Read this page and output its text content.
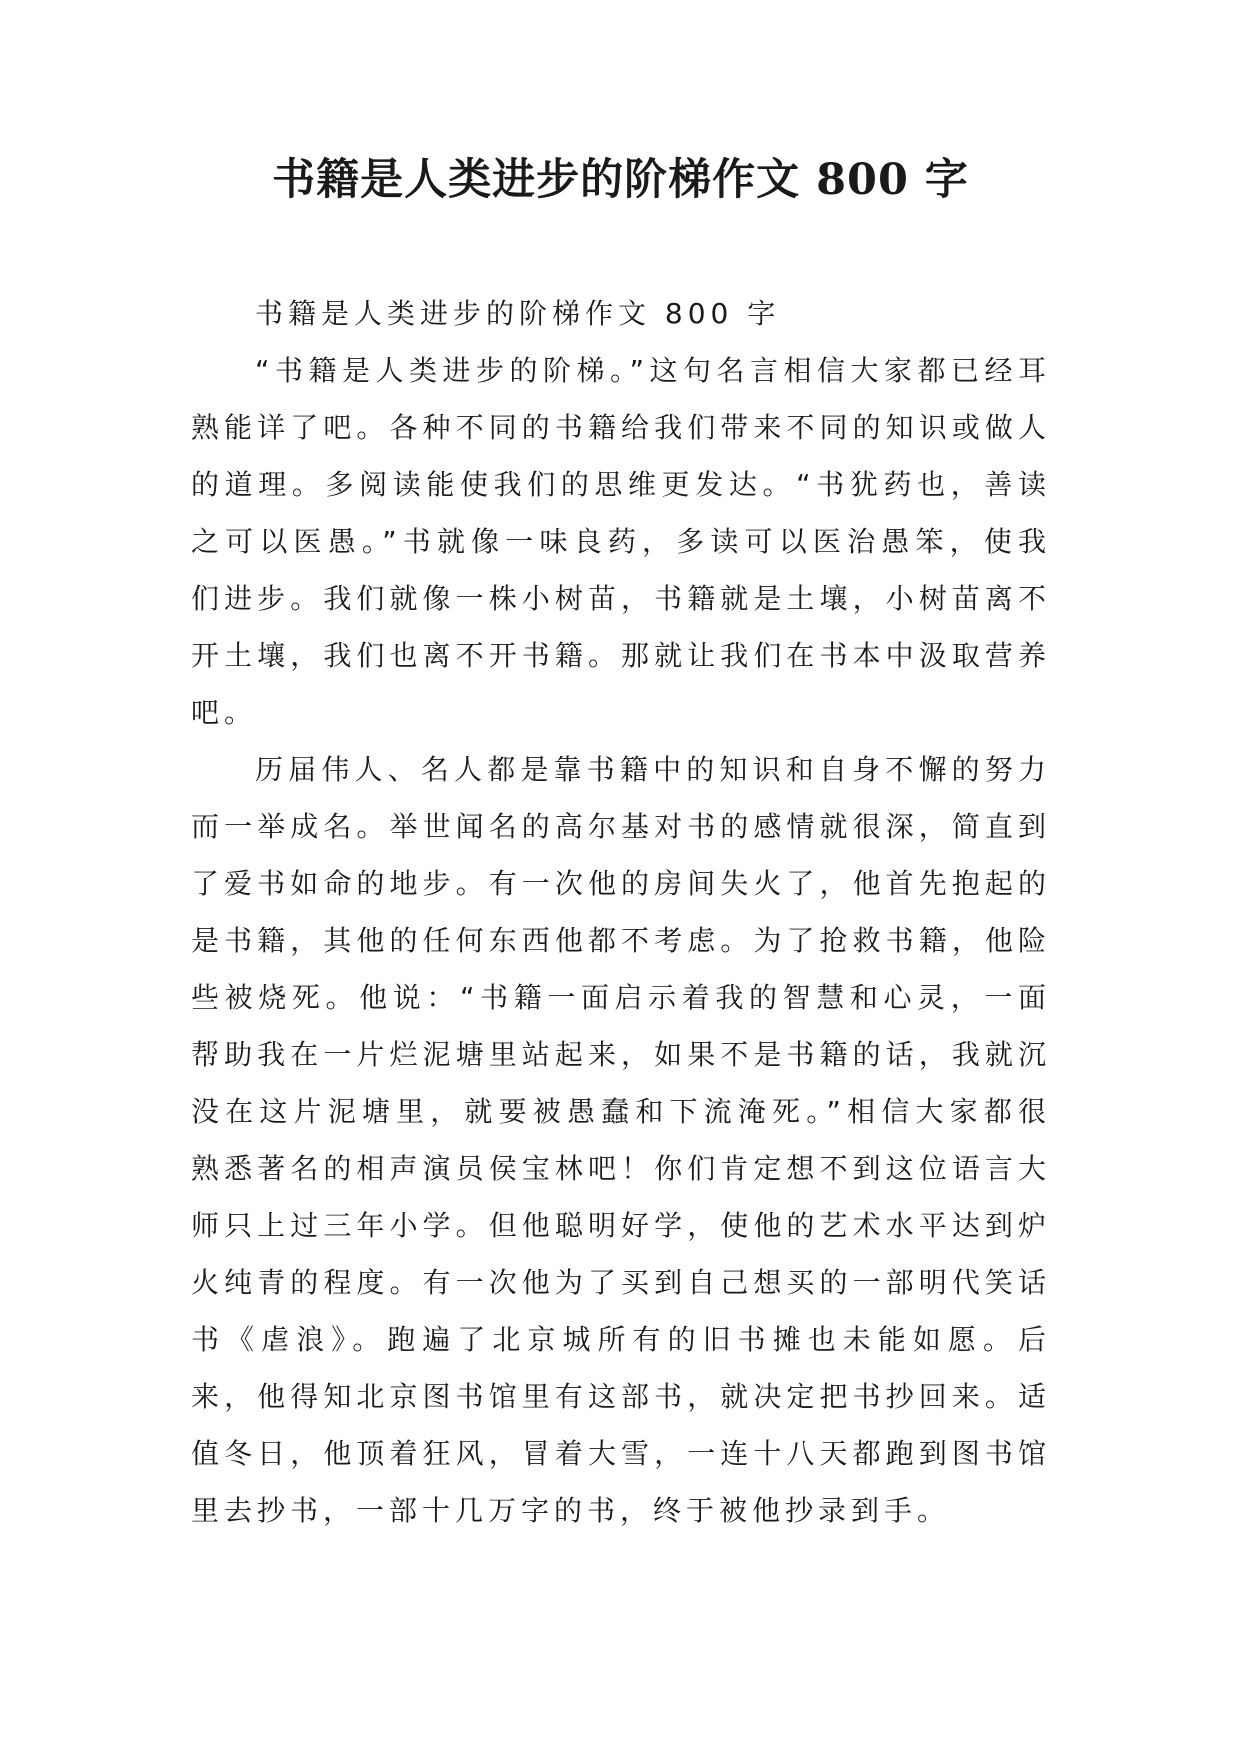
书籍是人类进步的阶梯作文 800 字

书籍是人类进步的阶梯作文 800 字

“书籍是人类进步的阶梯。”这句名言相信大家都已经耳熟能详了吧。各种不同的书籍给我们带来不同的知识或做人的道理。多阅读能使我们的思维更发达。“书犹药也，善读之可以医愚。”书就像一味良药，多读可以医治愚笨，使我们进步。我们就像一株小树苗，书籍就是土壤，小树苗离不开土壤，我们也离不开书籍。那就让我们在书本中汲取营养吧。

历届伟人、名人都是靠书籍中的知识和自身不懈的努力而一举成名。举世闻名的高尔基对书的感情就很深，简直到了爱书如命的地步。有一次他的房间失火了，他首先抱起的是书籍，其他的任何东西他都不考虑。为了抢救书籍，他险些被烧死。他说：“书籍一面启示着我的智慧和心灵，一面帮助我在一片烂泥塘里站起来，如果不是书籍的话，我就沉没在这片泥塘里，就要被愚蠢和下流淹死。”相信大家都很熟悉著名的相声演员侯宝林吧！你们肯定想不到这位语言大师只上过三年小学。但他聪明好学，使他的艺术水平达到炉火纯青的程度。有一次他为了买到自己想买的一部明代笑话书《虐浪》。跑遍了北京城所有的旧书摊也未能如愿。后来，他得知北京图书馆里有这部书，就决定把书抄回来。适值冬日，他顶着狂风，冒着大雪，一连十八天都跑到图书馆里去抄书，一部十几万字的书，终于被他抄录到手。
